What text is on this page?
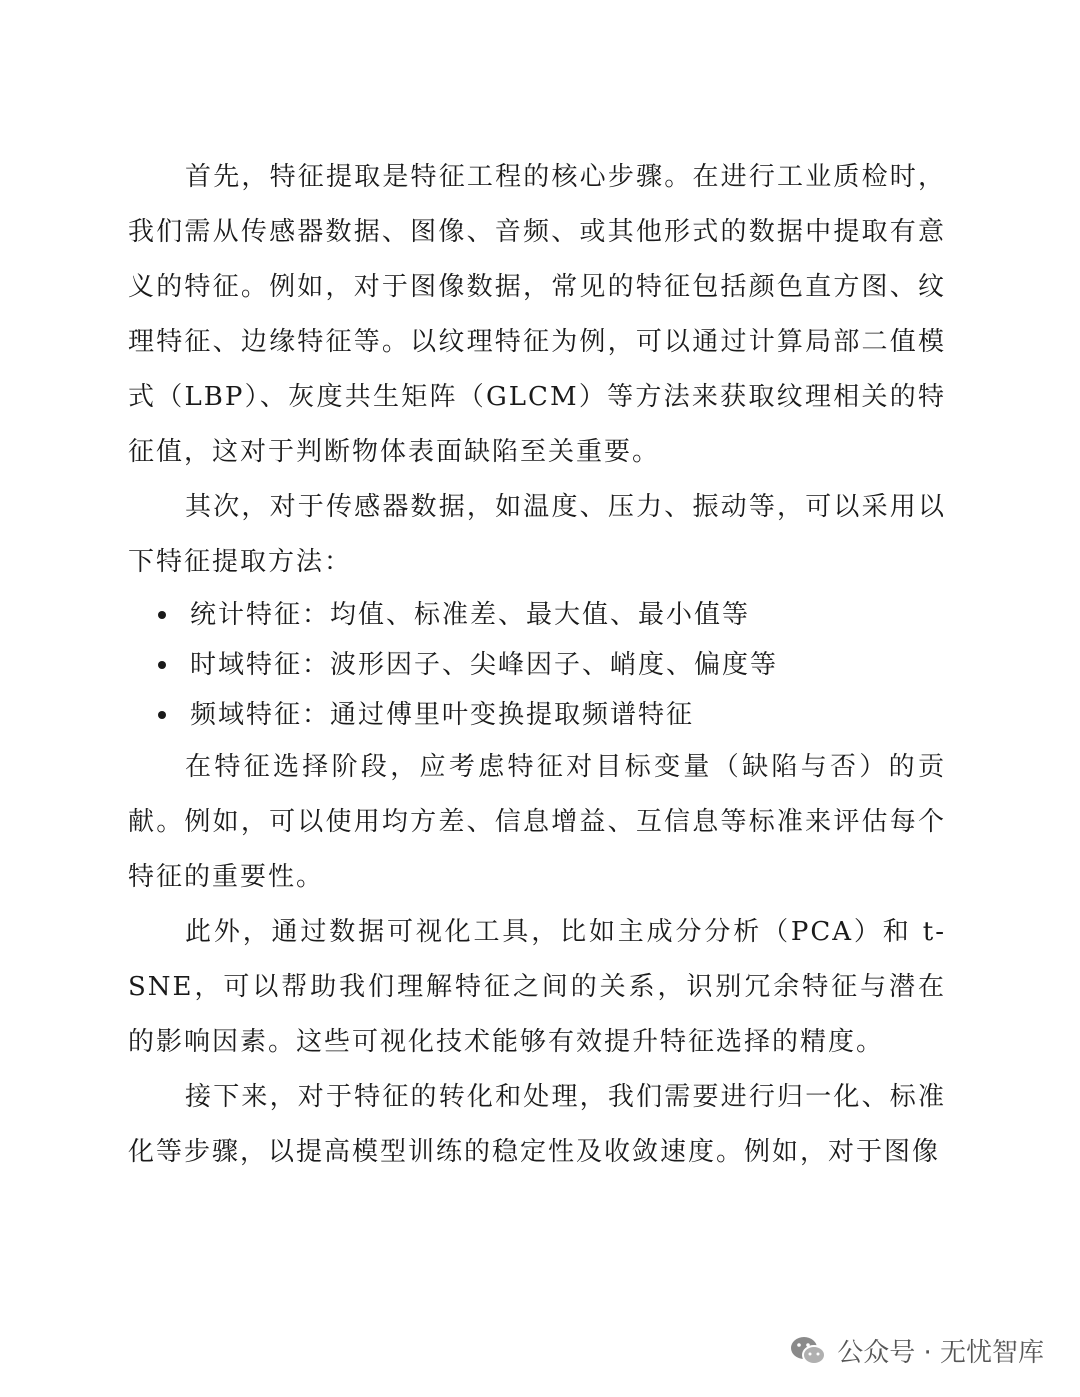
首先，特征提取是特征工程的核心步骤。在进行工业质检时，我们需从传感器数据、图像、音频、或其他形式的数据中提取有意义的特征。例如，对于图像数据，常见的特征包括颜色直方图、纹理特征、边缘特征等。以纹理特征为例，可以通过计算局部二值模式（LBP）、灰度共生矩阵（GLCM）等方法来获取纹理相关的特征值，这对于判断物体表面缺陷至关重要。

其次，对于传感器数据，如温度、压力、振动等，可以采用以下特征提取方法：

统计特征：均值、标准差、最大值、最小值等
时域特征：波形因子、尖峰因子、峭度、偏度等
频域特征：通过傅里叶变换提取频谱特征

在特征选择阶段，应考虑特征对目标变量（缺陷与否）的贡献。例如，可以使用均方差、信息增益、互信息等标准来评估每个特征的重要性。

此外，通过数据可视化工具，比如主成分分析（PCA）和 t-SNE，可以帮助我们理解特征之间的关系，识别冗余特征与潜在的影响因素。这些可视化技术能够有效提升特征选择的精度。

接下来，对于特征的转化和处理，我们需要进行归一化、标准化等步骤，以提高模型训练的稳定性及收敛速度。例如，对于图像

公众号 · 无忧智库
